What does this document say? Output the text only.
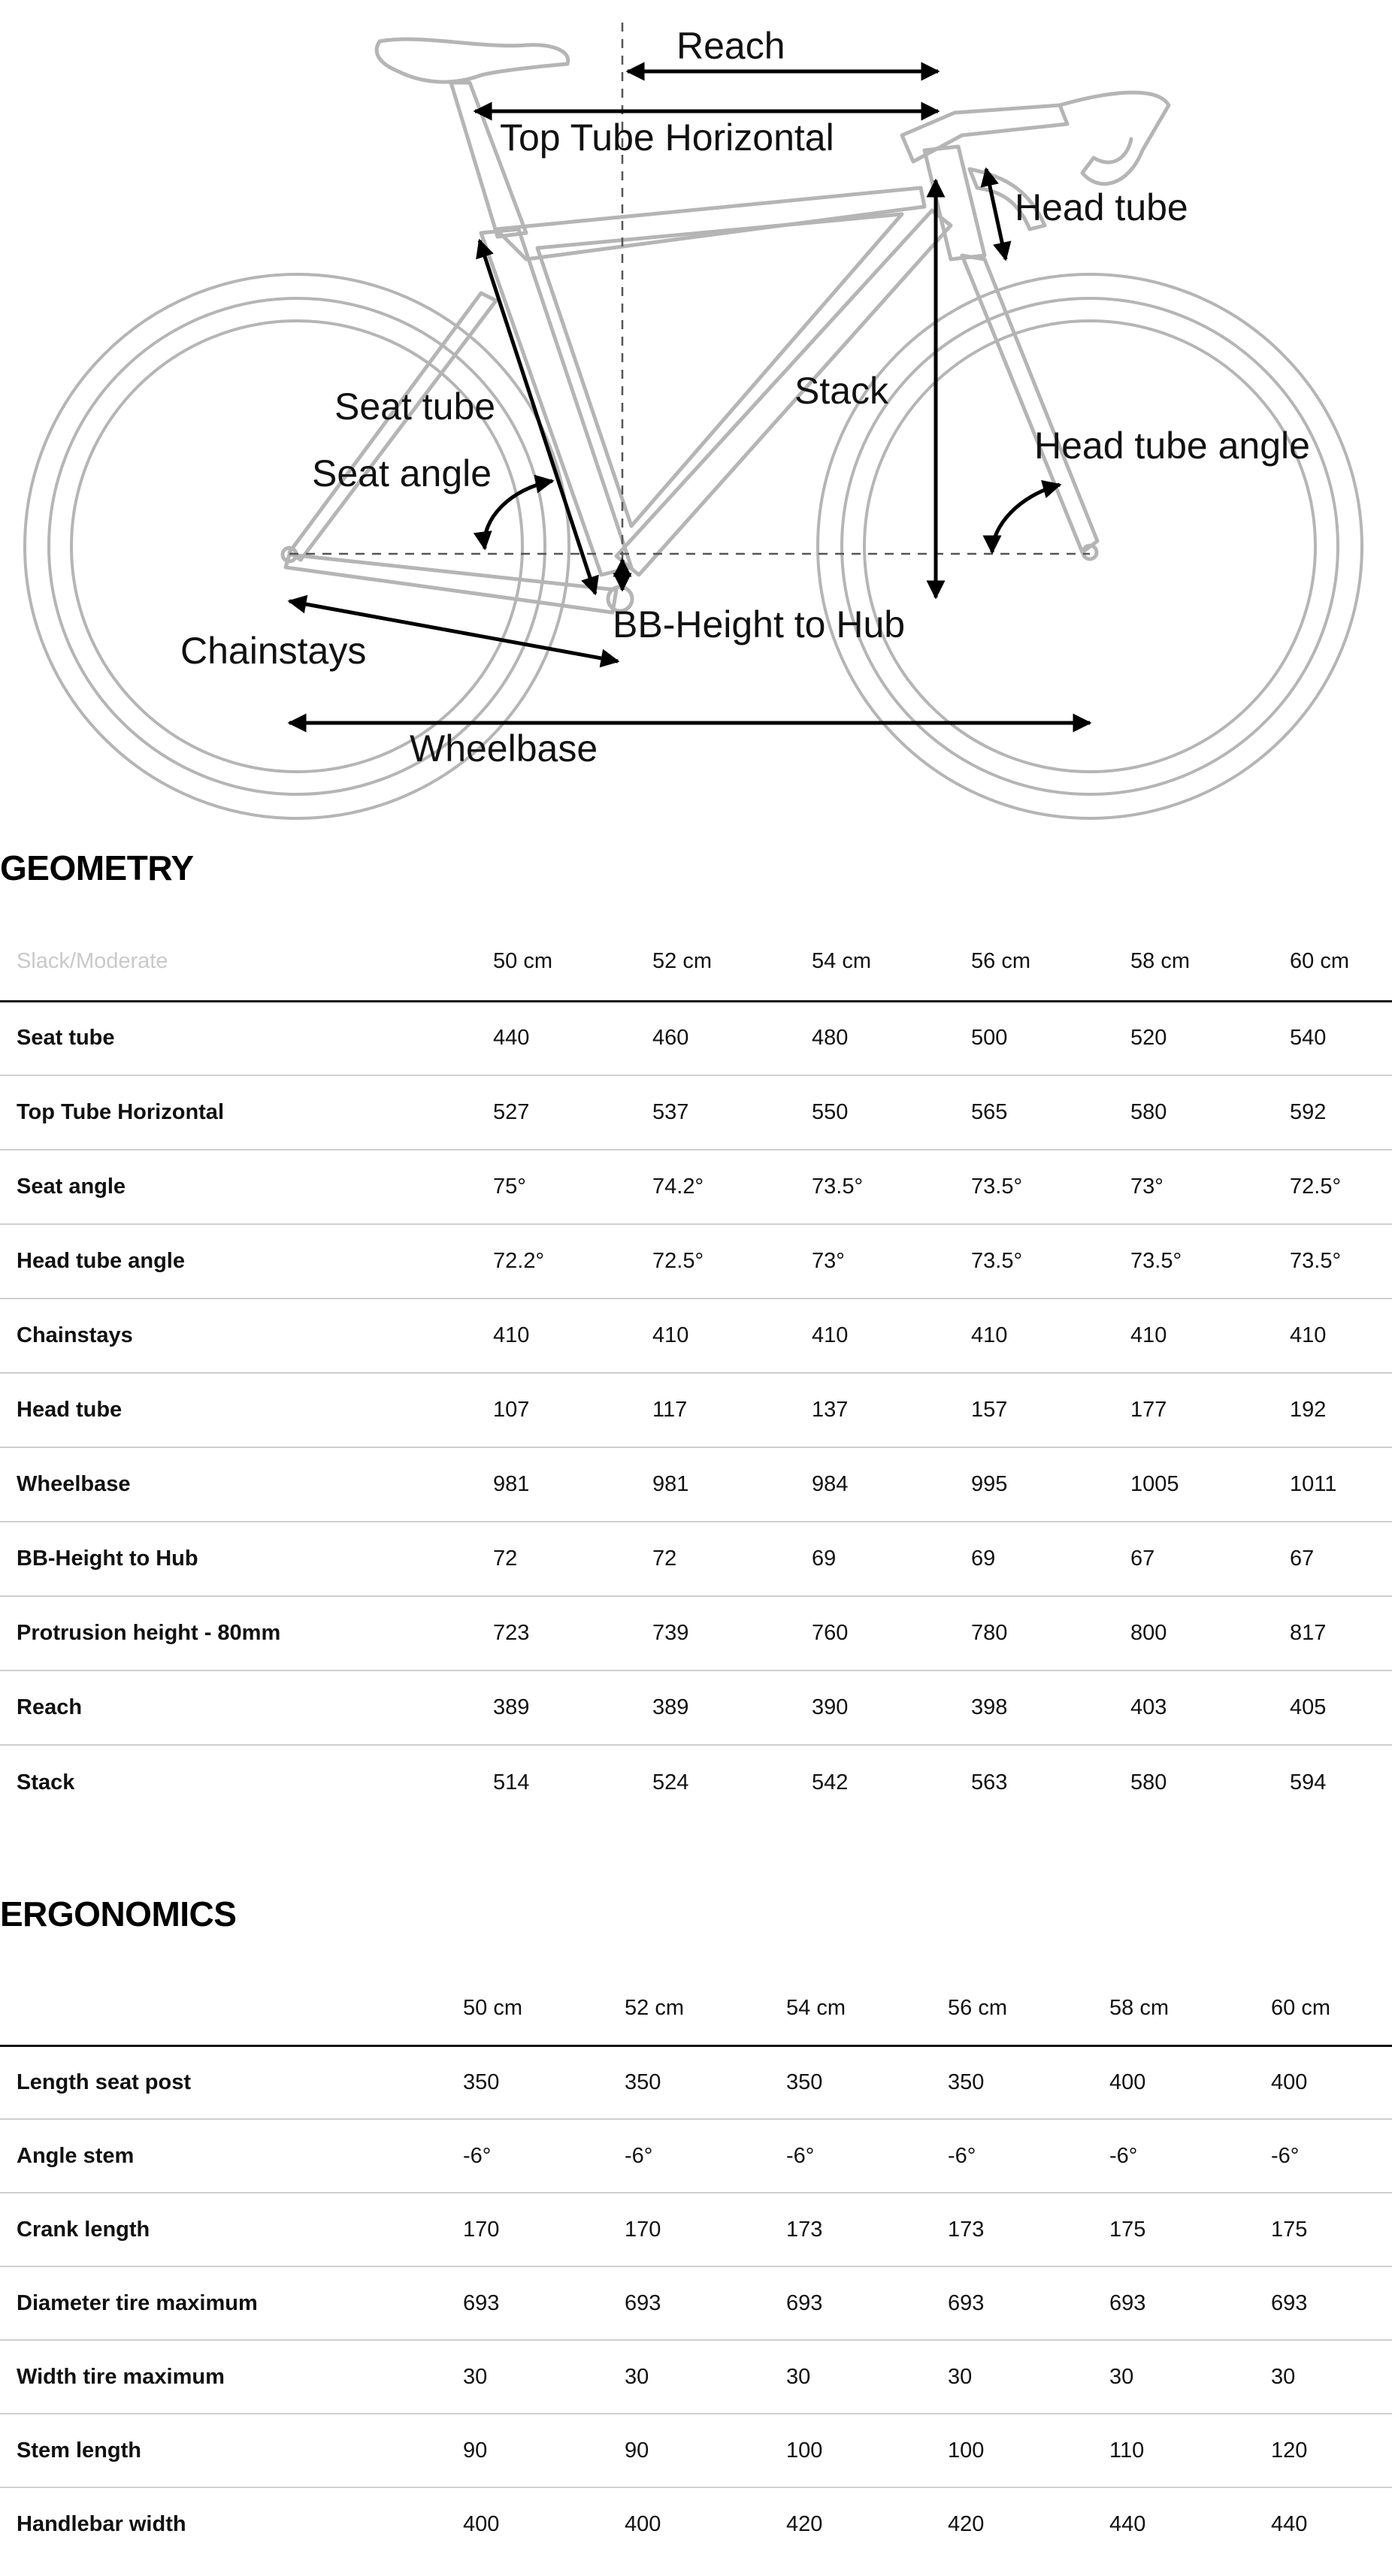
Reach
Top Tube Horizontal
Head tube
Seat tube	Stack
Seat angle
Head tube angle
BB-Height to Hub
Chainstays
Wheelbase
GEOMETRY
Slack/Moderate	50 cm	52 cm	54 cm	56 cm	58 cm	60 cm
Seat tube	440	460	480	500	520	540
Top Tube Horizontal	527	537	550	565	580	592
Seat angle	75°	74.2°	73.5°	73.5°	73°	72.5°
Head tube angle	72.2°	72.5°	73°	73.5°	73.5°	73.5°
Chainstays	410	410	410	410	410	410
Head tube	107	117	137	157	177	192
Wheelbase	981	981	984	995	1005	1011
BB-Height to Hub	72	72	69	69	67	67
Protrusion height - 80mm	723	739	760	780	800	817
Reach	389	389	390	398	403	405
Stack	514	524	542	563	580	594
ERGONOMICS
	50 cm	52 cm	54 cm	56 cm	58 cm	60 cm
Length seat post	350	350	350	350	400	400
Angle stem	-6°	-6°	-6°	-6°	-6°	-6°
Crank length	170	170	173	173	175	175
Diameter tire maximum	693	693	693	693	693	693
Width tire maximum	30	30	30	30	30	30
Stem length	90	90	100	100	110	120
Handlebar width	400	400	420	420	440	440
